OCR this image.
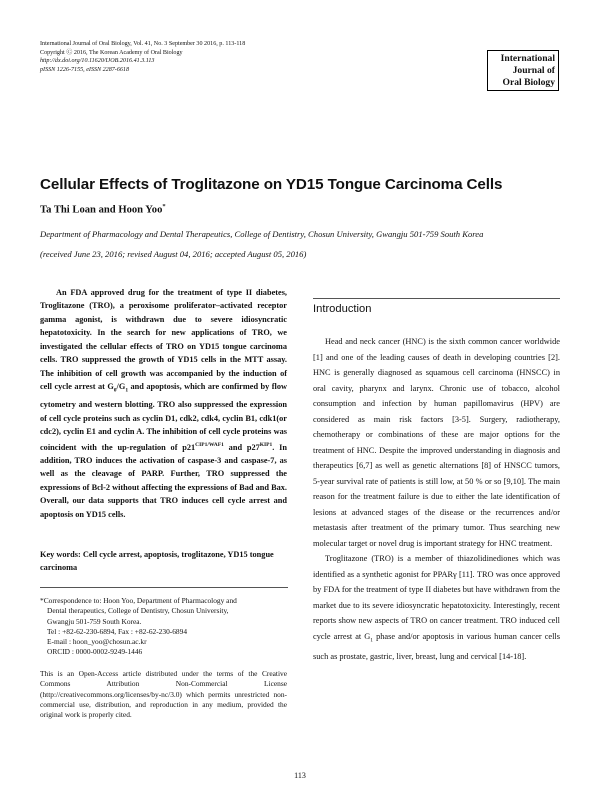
International Journal of Oral Biology, Vol. 41, No. 3 September 30 2016, p. 113-118
Copyright Ⓒ 2016, The Korean Academy of Oral Biology
http://dx.doi.org/10.11620/IJOB.2016.41.3.113
pISSN 1226-7155, eISSN 2287-6618
International
Journal of
Oral Biology
Cellular Effects of Troglitazone on YD15 Tongue Carcinoma Cells
Ta Thi Loan and Hoon Yoo*
Department of Pharmacology and Dental Therapeutics, College of Dentistry, Chosun University, Gwangju 501-759 South Korea
(received June 23, 2016; revised August 04, 2016; accepted August 05, 2016)
An FDA approved drug for the treatment of type II diabetes, Troglitazone (TRO), a peroxisome proliferator–activated receptor gamma agonist, is withdrawn due to severe idiosyncratic hepatotoxicity. In the search for new applications of TRO, we investigated the cellular effects of TRO on YD15 tongue carcinoma cells. TRO suppressed the growth of YD15 cells in the MTT assay. The inhibition of cell growth was accompanied by the induction of cell cycle arrest at $G_0/G_1$ and apoptosis, which are confirmed by flow cytometry and western blotting. TRO also suppressed the expression of cell cycle proteins such as cyclin D1, cdk2, cdk4, cyclin B1, cdk1(or cdc2), cyclin E1 and cyclin A. The inhibition of cell cycle proteins was coincident with the up-regulation of $p21^{CIP1/WAF1}$ and $p27^{KIP1}$. In addition, TRO induces the activation of caspase-3 and caspase-7, as well as the cleavage of PARP. Further, TRO suppressed the expressions of Bcl-2 without affecting the expressions of Bad and Bax. Overall, our data supports that TRO induces cell cycle arrest and apoptosis on YD15 cells.
Key words: Cell cycle arrest, apoptosis, troglitazone, YD15 tongue carcinoma
*Correspondence to: Hoon Yoo, Department of Pharmacology and
Dental therapeutics, College of Dentistry, Chosun University,
Gwangju 501-759 South Korea.
Tel : +82-62-230-6894, Fax : +82-62-230-6894
E-mail : hoon_yoo@chosun.ac.kr
ORCID : 0000-0002-9249-1446
This is an Open-Access article distributed under the terms of the Creative Commons Attribution Non-Commercial License (http://creativecommons.org/licenses/by-nc/3.0) which permits unrestricted non-commercial use, distribution, and reproduction in any medium, provided the original work is properly cited.
Introduction

Head and neck cancer (HNC) is the sixth common cancer worldwide [1] and one of the leading causes of death in developing countries [2]. HNC is generally diagnosed as squamous cell carcinoma (HNSCC) in oral cavity, pharynx and larynx. Chronic use of tobacco, alcohol consumption and infection by human papillomavirus (HPV) are considered as main risk factors [3-5]. Surgery, radiotherapy, chemotherapy or combinations of these are major options for the treatment of HNC. Despite the improved understanding in diagnosis and therapeutics [6,7] as well as genetic alternations [8] of HNSCC tumors, 5-year survival rate of patients is still low, at 50 % or so [9,10]. The main reason for the treatment failure is due to either the late identification of lesions at advanced stages of the disease or the recurrences and/or metastasis after treatment of the primary tumor. Thus searching new molecular target or novel drug is important strategy for HNC treatment.

Troglitazone (TRO) is a member of thiazolidinediones which was identified as a synthetic agonist for PPARγ [11]. TRO was once approved by FDA for the treatment of type II diabetes but have withdrawn from the market due to its severe idiosyncratic hepatotoxicity. Interestingly, recent reports show new aspects of TRO on cancer treatment. TRO induced cell cycle arrest at $G_1$ phase and/or apoptosis in various human cancer cells such as prostate, gastric, liver, breast, lung and cervical [14-18].

113
